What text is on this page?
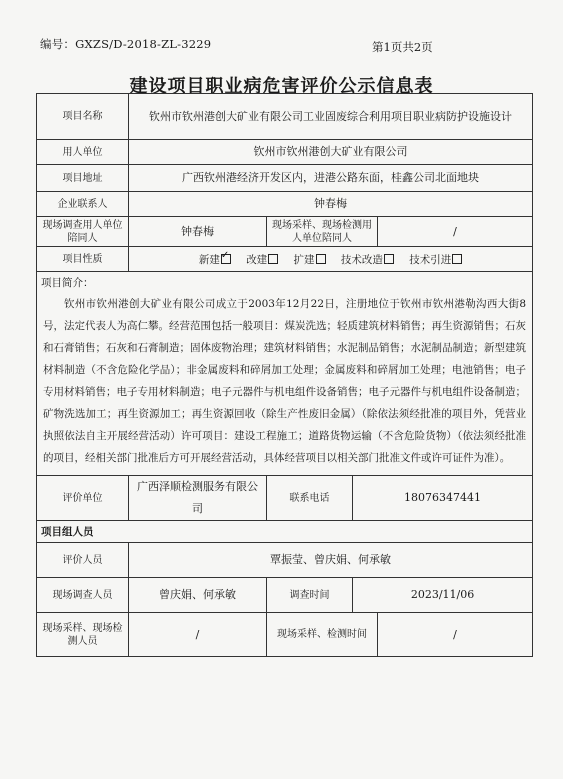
编号：GXZS/D-2018-ZL-3229	第1页共2页
建设项目职业病危害评价公示信息表
项目名称	钦州市钦州港创大矿业有限公司工业固废综合利用项目职业病防护设施设计			
用人单位	钦州市钦州港创大矿业有限公司			
项目地址	广西钦州港经济开发区内，进港公路东面，桂鑫公司北面地块			
企业联系人	钟春梅			
现场调查用人单位陪同人	钟春梅	现场采样、现场检测用人单位陪同人		/
项目性质	新建 ✓ 改建 扩建 技术改造 技术引进

项目简介：
钦州市钦州港创大矿业有限公司成立于2003年12月22日，注册地位于钦州市钦州港勒沟西大街8号，法定代表人为高仁攀。经营范围包括一般项目：煤炭洗选；轻质建筑材料销售；再生资源销售；石灰和石膏销售；石灰和石膏制造；固体废物治理；建筑材料销售；水泥制品销售；水泥制品制造；新型建筑材料制造（不含危险化学品）；非金属废料和碎屑加工处理；金属废料和碎屑加工处理；电池销售；电子专用材料销售；电子专用材料制造；电子元器件与机电组件设备销售；电子元器件与机电组件设备制造；矿物洗选加工；再生资源加工；再生资源回收（除生产性废旧金属）（除依法须经批准的项目外，凭营业执照依法自主开展经营活动）许可项目：建设工程施工；道路货物运输（不含危险货物）（依法须经批准的项目，经相关部门批准后方可开展经营活动，具体经营项目以相关部门批准文件或许可证件为准）。				

评价单位	广西泽顺检测服务有限公司	联系电话	18076347441	
项目组人员				
评价人员	覃振莹、曾庆娟、何承敏			
现场调查人员	曾庆娟、何承敏	调查时间	2023/11/06	
现场采样、现场检测人员	/	现场采样、检测时间		/
